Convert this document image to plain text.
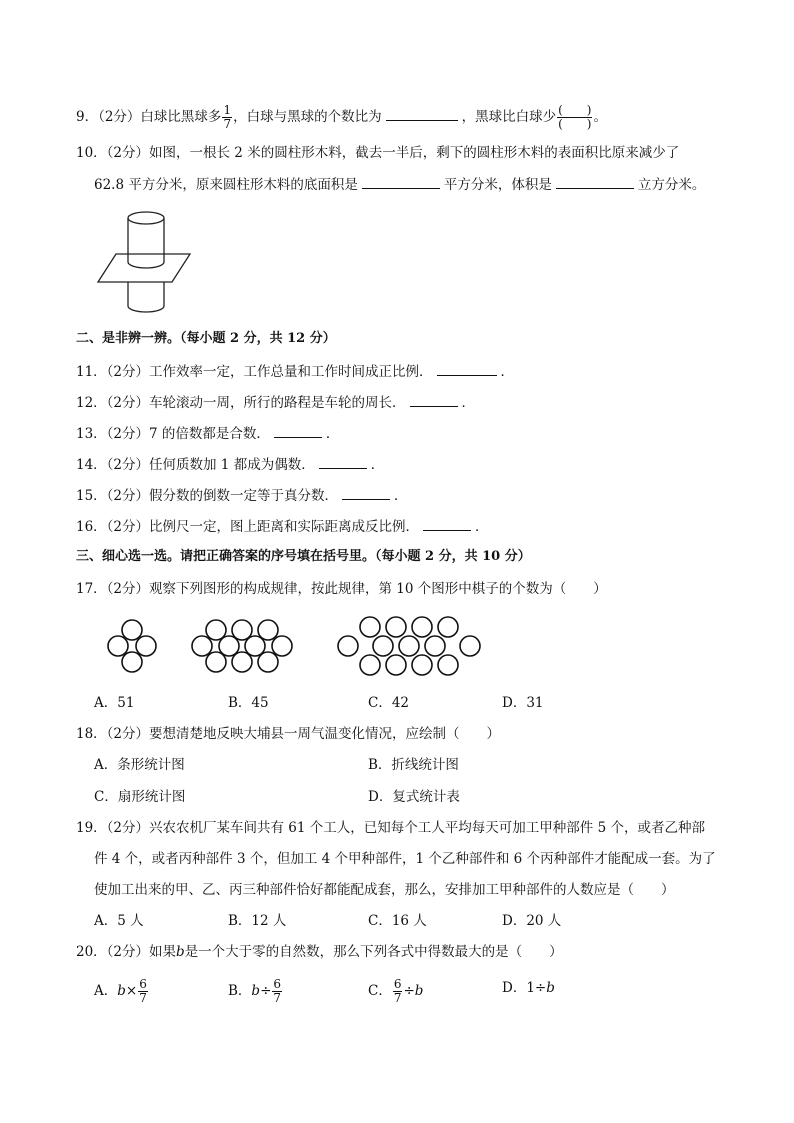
9．（2分）白球比黑球多 $\frac{1}{7}$ ，白球与黑球的个数比为	，黑球比白球少 $\frac{( )}{( )}$ 。
10．（2分）如图，一根长 2 米的圆柱形木料，截去一半后，剩下的圆柱形木料的表面积比原来减少了
62.8 平方分米，原来圆柱形木料的底面积是	平方分米，体积是	立方分米。
二、是非辨一辨。（每小题 2 分，共 12 分）
11．（2分）工作效率一定，工作总量和工作时间成正比例．	．
12．（2分）车轮滚动一周，所行的路程是车轮的周长．	．
13．（2分）7 的倍数都是合数．	．
14．（2分）任何质数加 1 都成为偶数．	．
15．（2分）假分数的倒数一定等于真分数．	．
16．（2分）比例尺一定，图上距离和实际距离成反比例．	．
三、细心选一选。请把正确答案的序号填在括号里。（每小题 2 分，共 10 分）
17．（2分）观察下列图形的构成规律，按此规律，第 10 个图形中棋子的个数为（　　）
A．51	B．45	C．42	D．31
18．（2分）要想清楚地反映大埔县一周气温变化情况，应绘制（　　）
A．条形统计图	B．折线统计图
C．扇形统计图	D．复式统计表
19．（2分）兴农农机厂某车间共有 61 个工人，已知每个工人平均每天可加工甲种部件 5 个，或者乙种部
件 4 个，或者丙种部件 3 个，但加工 4 个甲种部件，1 个乙种部件和 6 个丙种部件才能配成一套。为了
使加工出来的甲、乙、丙三种部件恰好都能配成套，那么，安排加工甲种部件的人数应是（　　）
A．5 人	B．12 人	C．16 人	D．20 人
20．（2分）如果b是一个大于零的自然数，那么下列各式中得数最大的是（　　）
A．$b\times \frac{6}{7}$	B．$b\div \frac{6}{7}$	C． $\frac{6}{7} \div b$	D．1÷b
